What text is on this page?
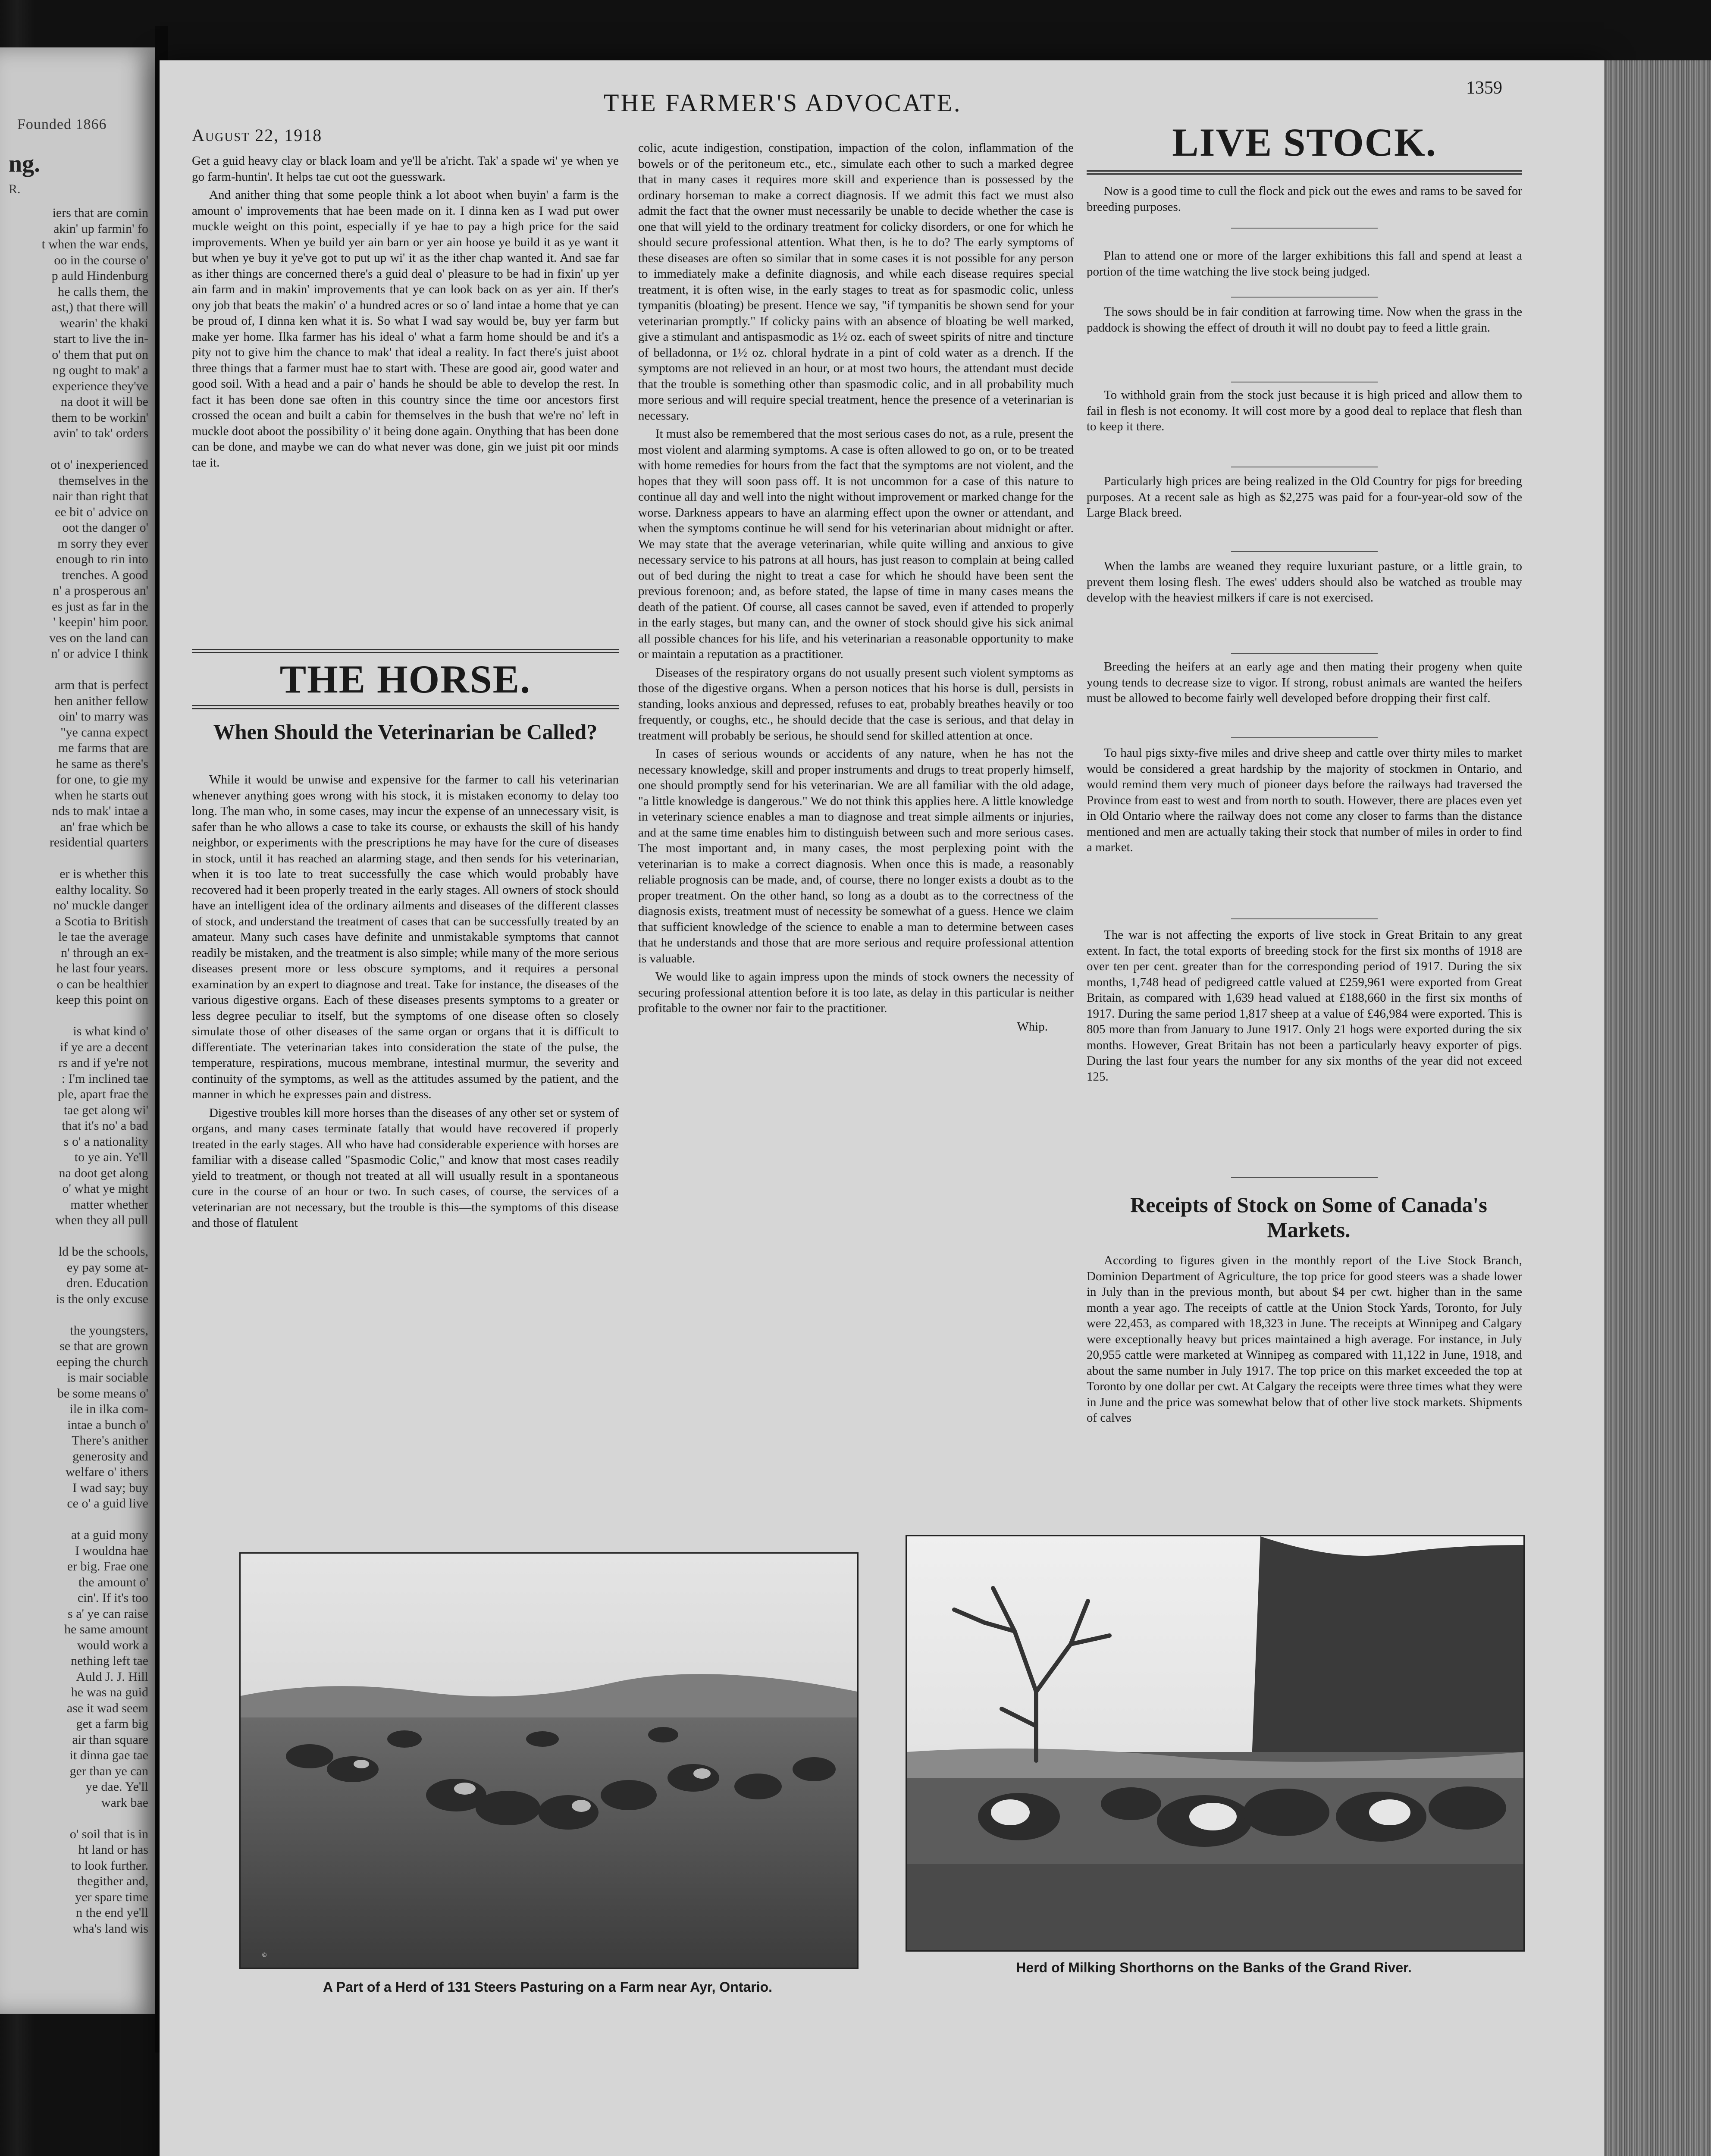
Founded 1866
ng.
R.
iers that are comin
akin' up farmin' fo
t when the war ends,
oo in the course o'
p auld Hindenburg
he calls them, the
ast,) that there will
wearin' the khaki
start to live the in-
o' them that put on
ng ought to mak' a
experience they've
na doot it will be
them to be workin'
avin' to tak' orders

ot o' inexperienced
themselves in the
nair than right that
ee bit o' advice on
oot the danger o'
m sorry they ever
enough to rin into
trenches. A good
n' a prosperous an'
es just as far in the
' keepin' him poor.
ves on the land can
n' or advice I think

arm that is perfect
hen anither fellow
oin' to marry was
"ye canna expect
me farms that are
he same as there's
for one, to gie my
when he starts out
nds to mak' intae a
an' frae which be
residential quarters

er is whether this
ealthy locality. So
no' muckle danger
a Scotia to British
le tae the average
n' through an ex-
he last four years.
o can be healthier
keep this point on

is what kind o'
if ye are a decent
rs and if ye're not
: I'm inclined tae
ple, apart frae the
tae get along wi'
that it's no' a bad
s o' a nationality
to ye ain. Ye'll
na doot get along
o' what ye might
matter whether
when they all pull

ld be the schools,
ey pay some at-
dren. Education
is the only excuse

the youngsters,
se that are grown
eeping the church
is mair sociable
be some means o'
ile in ilka com-
intae a bunch o'
There's anither
generosity and
welfare o' ithers
I wad say; buy
ce o' a guid live

at a guid mony
I wouldna hae
er big. Frae one
the amount o'
cin'. If it's too
s a' ye can raise
he same amount
would work a
nething left tae
Auld J. J. Hill
he was na guid
ase it wad seem
get a farm big
air than square
it dinna gae tae
ger than ye can
ye dae. Ye'll
wark bae

o' soil that is in
ht land or has
to look further.
thegither and,
yer spare time
n the end ye'll
wha's land wis
August 22, 1918
THE FARMER'S ADVOCATE.
1359

Get a guid heavy clay or black loam and ye'll be a'richt. Tak' a spade wi' ye when ye go farm-huntin'. It helps tae cut oot the guesswark.

And anither thing that some people think a lot aboot when buyin' a farm is the amount o' improvements that hae been made on it. I dinna ken as I wad put ower muckle weight on this point, especially if ye hae to pay a high price for the said improvements. When ye build yer ain barn or yer ain hoose ye build it as ye want it but when ye buy it ye've got to put up wi' it as the ither chap wanted it. And sae far as ither things are concerned there's a guid deal o' pleasure to be had in fixin' up yer ain farm and in makin' improvements that ye can look back on as yer ain. If ther's ony job that beats the makin' o' a hundred acres or so o' land intae a home that ye can be proud of, I dinna ken what it is. So what I wad say would be, buy yer farm but make yer home. Ilka farmer has his ideal o' what a farm home should be and it's a pity not to give him the chance to mak' that ideal a reality. In fact there's juist aboot three things that a farmer must hae to start with. These are good air, good water and good soil. With a head and a pair o' hands he should be able to develop the rest. In fact it has been done sae often in this country since the time oor ancestors first crossed the ocean and built a cabin for themselves in the bush that we're no' left in muckle doot aboot the possibility o' it being done again. Onything that has been done can be done, and maybe we can do what never was done, gin we juist pit oor minds tae it.

THE HORSE.
When Should the Veterinarian be Called?

While it would be unwise and expensive for the farmer to call his veterinarian whenever anything goes wrong with his stock, it is mistaken economy to delay too long. The man who, in some cases, may incur the expense of an unnecessary visit, is safer than he who allows a case to take its course, or exhausts the skill of his handy neighbor, or experiments with the prescriptions he may have for the cure of diseases in stock, until it has reached an alarming stage, and then sends for his veterinarian, when it is too late to treat successfully the case which would probably have recovered had it been properly treated in the early stages. All owners of stock should have an intelligent idea of the ordinary ailments and diseases of the different classes of stock, and understand the treatment of cases that can be successfully treated by an amateur. Many such cases have definite and unmistakable symptoms that cannot readily be mistaken, and the treatment is also simple; while many of the more serious diseases present more or less obscure symptoms, and it requires a personal examination by an expert to diagnose and treat. Take for instance, the diseases of the various digestive organs. Each of these diseases presents symptoms to a greater or less degree peculiar to itself, but the symptoms of one disease often so closely simulate those of other diseases of the same organ or organs that it is difficult to differentiate. The veterinarian takes into consideration the state of the pulse, the temperature, respirations, mucous membrane, intestinal murmur, the severity and continuity of the symptoms, as well as the attitudes assumed by the patient, and the manner in which he expresses pain and distress.

Digestive troubles kill more horses than the diseases of any other set or system of organs, and many cases terminate fatally that would have recovered if properly treated in the early stages. All who have had considerable experience with horses are familiar with a disease called "Spasmodic Colic," and know that most cases readily yield to treatment, or though not treated at all will usually result in a spontaneous cure in the course of an hour or two. In such cases, of course, the services of a veterinarian are not necessary, but the trouble is this—the symptoms of this disease and those of flatulent

colic, acute indigestion, constipation, impaction of the colon, inflammation of the bowels or of the peritoneum etc., etc., simulate each other to such a marked degree that in many cases it requires more skill and experience than is possessed by the ordinary horseman to make a correct diagnosis. If we admit this fact we must also admit the fact that the owner must necessarily be unable to decide whether the case is one that will yield to the ordinary treatment for colicky disorders, or one for which he should secure professional attention. What then, is he to do? The early symptoms of these diseases are often so similar that in some cases it is not possible for any person to immediately make a definite diagnosis, and while each disease requires special treatment, it is often wise, in the early stages to treat as for spasmodic colic, unless tympanitis (bloating) be present. Hence we say, "if tympanitis be shown send for your veterinarian promptly." If colicky pains with an absence of bloating be well marked, give a stimulant and antispasmodic as 1½ oz. each of sweet spirits of nitre and tincture of belladonna, or 1½ oz. chloral hydrate in a pint of cold water as a drench. If the symptoms are not relieved in an hour, or at most two hours, the attendant must decide that the trouble is something other than spasmodic colic, and in all probability much more serious and will require special treatment, hence the presence of a veterinarian is necessary.

It must also be remembered that the most serious cases do not, as a rule, present the most violent and alarming symptoms. A case is often allowed to go on, or to be treated with home remedies for hours from the fact that the symptoms are not violent, and the hopes that they will soon pass off. It is not uncommon for a case of this nature to continue all day and well into the night without improvement or marked change for the worse. Darkness appears to have an alarming effect upon the owner or attendant, and when the symptoms continue he will send for his veterinarian about midnight or after. We may state that the average veterinarian, while quite willing and anxious to give necessary service to his patrons at all hours, has just reason to complain at being called out of bed during the night to treat a case for which he should have been sent the previous forenoon; and, as before stated, the lapse of time in many cases means the death of the patient. Of course, all cases cannot be saved, even if attended to properly in the early stages, but many can, and the owner of stock should give his sick animal all possible chances for his life, and his veterinarian a reasonable opportunity to make or maintain a reputation as a practitioner.

Diseases of the respiratory organs do not usually present such violent symptoms as those of the digestive organs. When a person notices that his horse is dull, persists in standing, looks anxious and depressed, refuses to eat, probably breathes heavily or too frequently, or coughs, etc., he should decide that the case is serious, and that delay in treatment will probably be serious, he should send for skilled attention at once.

In cases of serious wounds or accidents of any nature, when he has not the necessary knowledge, skill and proper instruments and drugs to treat properly himself, one should promptly send for his veterinarian. We are all familiar with the old adage, "a little knowledge is dangerous." We do not think this applies here. A little knowledge in veterinary science enables a man to diagnose and treat simple ailments or injuries, and at the same time enables him to distinguish between such and more serious cases. The most important and, in many cases, the most perplexing point with the veterinarian is to make a correct diagnosis. When once this is made, a reasonably reliable prognosis can be made, and, of course, there no longer exists a doubt as to the proper treatment. On the other hand, so long as a doubt as to the correctness of the diagnosis exists, treatment must of necessity be somewhat of a guess. Hence we claim that sufficient knowledge of the science to enable a man to determine between cases that he understands and those that are more serious and require professional attention is valuable.

We would like to again impress upon the minds of stock owners the necessity of securing professional attention before it is too late, as delay in this particular is neither profitable to the owner nor fair to the practitioner.

Whip.
LIVE STOCK.

Now is a good time to cull the flock and pick out the ewes and rams to be saved for breeding purposes.

Plan to attend one or more of the larger exhibitions this fall and spend at least a portion of the time watching the live stock being judged.

The sows should be in fair condition at farrowing time. Now when the grass in the paddock is showing the effect of drouth it will no doubt pay to feed a little grain.

To withhold grain from the stock just because it is high priced and allow them to fail in flesh is not economy. It will cost more by a good deal to replace that flesh than to keep it there.

Particularly high prices are being realized in the Old Country for pigs for breeding purposes. At a recent sale as high as $2,275 was paid for a four-year-old sow of the Large Black breed.

When the lambs are weaned they require luxuriant pasture, or a little grain, to prevent them losing flesh. The ewes' udders should also be watched as trouble may develop with the heaviest milkers if care is not exercised.

Breeding the heifers at an early age and then mating their progeny when quite young tends to decrease size to vigor. If strong, robust animals are wanted the heifers must be allowed to become fairly well developed before dropping their first calf.

To haul pigs sixty-five miles and drive sheep and cattle over thirty miles to market would be considered a great hardship by the majority of stockmen in Ontario, and would remind them very much of pioneer days before the railways had traversed the Province from east to west and from north to south. However, there are places even yet in Old Ontario where the railway does not come any closer to farms than the distance mentioned and men are actually taking their stock that number of miles in order to find a market.

The war is not affecting the exports of live stock in Great Britain to any great extent. In fact, the total exports of breeding stock for the first six months of 1918 are over ten per cent. greater than for the corresponding period of 1917. During the six months, 1,748 head of pedigreed cattle valued at £259,961 were exported from Great Britain, as compared with 1,639 head valued at £188,660 in the first six months of 1917. During the same period 1,817 sheep at a value of £46,984 were exported. This is 805 more than from January to June 1917. Only 21 hogs were exported during the six months. However, Great Britain has not been a particularly heavy exporter of pigs. During the last four years the number for any six months of the year did not exceed 125.

Receipts of Stock on Some of Canada's Markets.

According to figures given in the monthly report of the Live Stock Branch, Dominion Department of Agriculture, the top price for good steers was a shade lower in July than in the previous month, but about $4 per cwt. higher than in the same month a year ago. The receipts of cattle at the Union Stock Yards, Toronto, for July were 22,453, as compared with 18,323 in June. The receipts at Winnipeg and Calgary were exceptionally heavy but prices maintained a high average. For instance, in July 20,955 cattle were marketed at Winnipeg as compared with 11,122 in June, 1918, and about the same number in July 1917. The top price on this market exceeded the top at Toronto by one dollar per cwt. At Calgary the receipts were three times what they were in June and the price was somewhat below that of other live stock markets. Shipments of calves

©
A Part of a Herd of 131 Steers Pasturing on a Farm near Ayr, Ontario.
Herd of Milking Shorthorns on the Banks of the Grand River.
